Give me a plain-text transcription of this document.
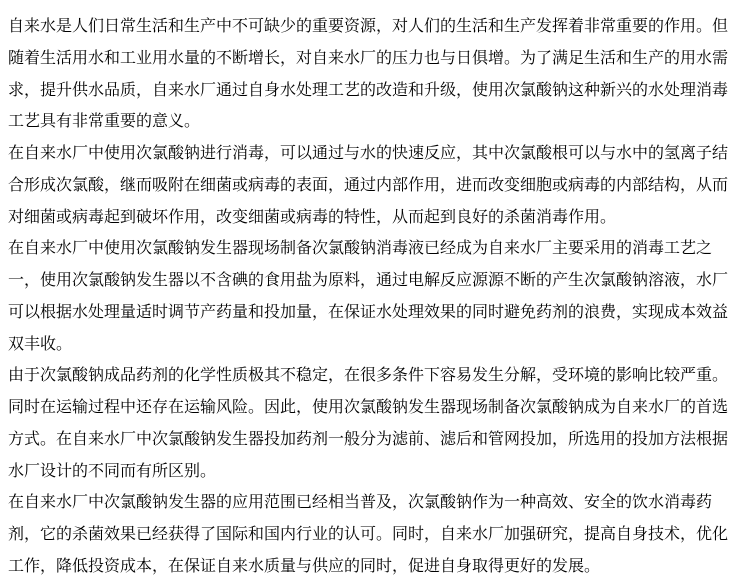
自来水是人们日常生活和生产中不可缺少的重要资源，对人们的生活和生产发挥着非常重要的作用。但
随着生活用水和工业用水量的不断增长，对自来水厂的压力也与日俱增。为了满足生活和生产的用水需
求，提升供水品质，自来水厂通过自身水处理工艺的改造和升级，使用次氯酸钠这种新兴的水处理消毒
工艺具有非常重要的意义。
在自来水厂中使用次氯酸钠进行消毒，可以通过与水的快速反应，其中次氯酸根可以与水中的氢离子结
合形成次氯酸，继而吸附在细菌或病毒的表面，通过内部作用，进而改变细胞或病毒的内部结构，从而
对细菌或病毒起到破坏作用，改变细菌或病毒的特性，从而起到良好的杀菌消毒作用。
在自来水厂中使用次氯酸钠发生器现场制备次氯酸钠消毒液已经成为自来水厂主要采用的消毒工艺之
一，使用次氯酸钠发生器以不含碘的食用盐为原料，通过电解反应源源不断的产生次氯酸钠溶液，水厂
可以根据水处理量适时调节产药量和投加量，在保证水处理效果的同时避免药剂的浪费，实现成本效益
双丰收。
由于次氯酸钠成品药剂的化学性质极其不稳定，在很多条件下容易发生分解，受环境的影响比较严重。
同时在运输过程中还存在运输风险。因此，使用次氯酸钠发生器现场制备次氯酸钠成为自来水厂的首选
方式。在自来水厂中次氯酸钠发生器投加药剂一般分为滤前、滤后和管网投加，所选用的投加方法根据
水厂设计的不同而有所区别。
在自来水厂中次氯酸钠发生器的应用范围已经相当普及，次氯酸钠作为一种高效、安全的饮水消毒药
剂，它的杀菌效果已经获得了国际和国内行业的认可。同时，自来水厂加强研究，提高自身技术，优化
工作，降低投资成本，在保证自来水质量与供应的同时，促进自身取得更好的发展。
